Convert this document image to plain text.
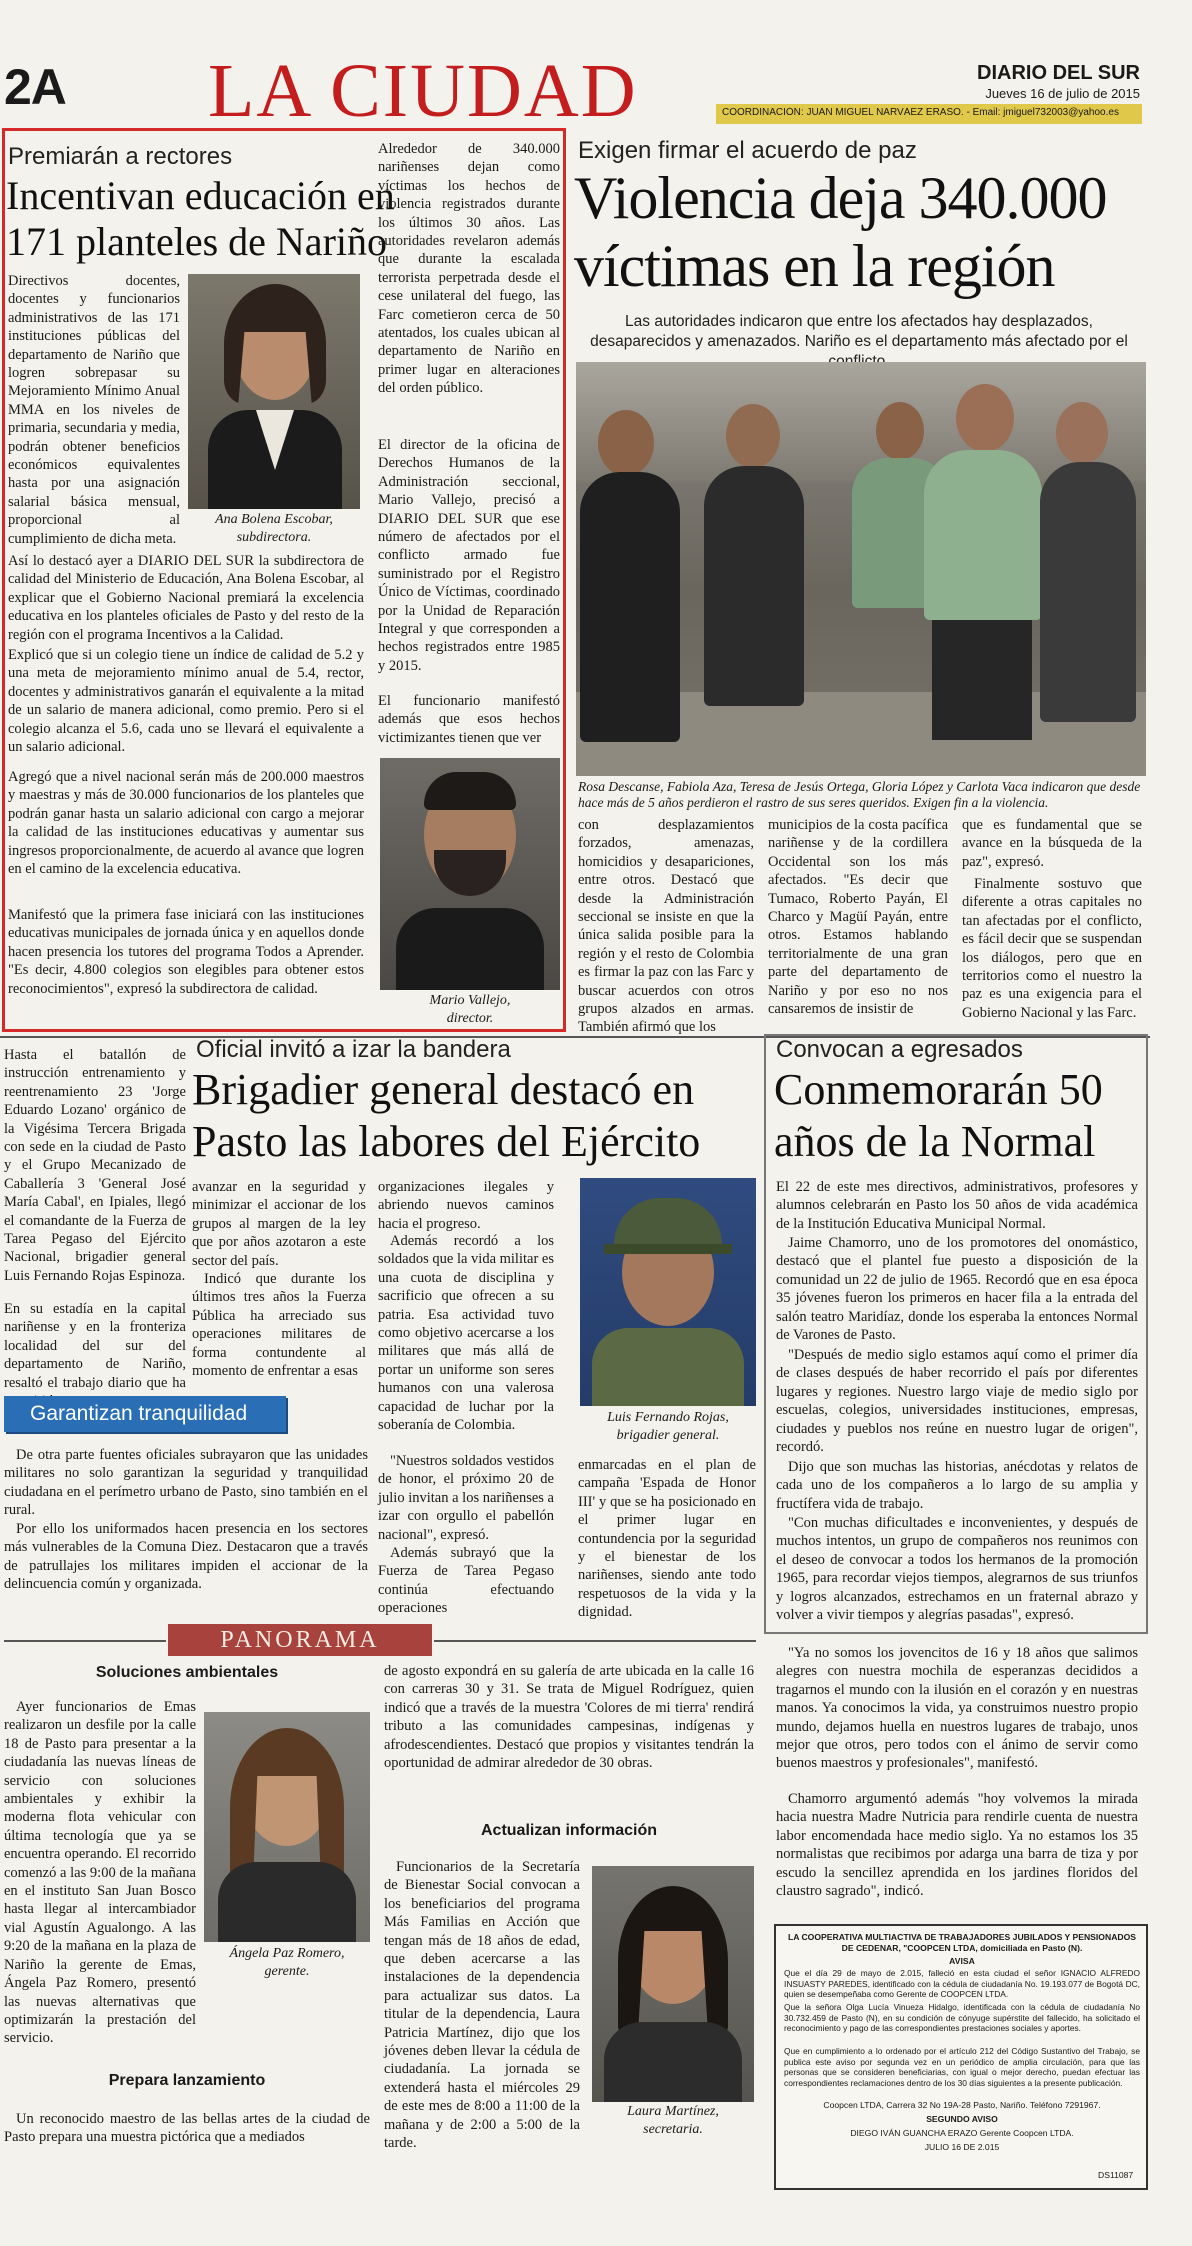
2A LA CIUDAD	DIARIO DEL SUR
Jueves 16 de julio de 2015
COORDINACIÓN: JUAN MIGUEL NARVÁEZ ERASO. - Email: jmiguel732003@yahoo.es
Premiarán a rectores
Incentivan educación en
171 planteles de Nariño

Directivos docentes, docentes y funcionarios administrativos de las 171 instituciones públicas del departamento de Nariño que logren sobrepasar su Mejoramiento Mínimo Anual MMA en los niveles de primaria, secundaria y media, podrán obtener beneficios económicos equivalentes hasta por una asignación salarial básica mensual, proporcional al cumplimiento de dicha meta.

Ana Bolena Escobar,
subdirectora.

Así lo destacó ayer a DIARIO DEL SUR la subdirectora de calidad del Ministerio de Educación, Ana Bolena Escobar, al explicar que el Gobierno Nacional premiará la excelencia educativa en los planteles oficiales de Pasto y del resto de la región con el programa Incentivos a la Calidad.

Explicó que si un colegio tiene un índice de calidad de 5.2 y una meta de mejoramiento mínimo anual de 5.4, rector, docentes y administrativos ganarán el equivalente a la mitad de un salario de manera adicional, como premio. Pero si el colegio alcanza el 5.6, cada uno se llevará el equivalente a un salario adicional.

Agregó que a nivel nacional serán más de 200.000 maestros y maestras y más de 30.000 funcionarios de los planteles que podrán ganar hasta un salario adicional con cargo a mejorar la calidad de las instituciones educativas y aumentar sus ingresos proporcionalmente, de acuerdo al avance que logren en el camino de la excelencia educativa.

Manifestó que la primera fase iniciará con las instituciones educativas municipales de jornada única y en aquellos donde hacen presencia los tutores del programa Todos a Aprender. "Es decir, 4.800 colegios son elegibles para obtener estos reconocimientos", expresó la subdirectora de calidad.

Alrededor de 340.000 nariñenses dejan como víctimas los hechos de violencia registrados durante los últimos 30 años. Las autoridades revelaron además que durante la escalada terrorista perpetrada desde el cese unilateral del fuego, las Farc cometieron cerca de 50 atentados, los cuales ubican al departamento de Nariño en primer lugar en alteraciones del orden público.

El director de la oficina de Derechos Humanos de la Administración seccional, Mario Vallejo, precisó a DIARIO DEL SUR que ese número de afectados por el conflicto armado fue suministrado por el Registro Único de Víctimas, coordinado por la Unidad de Reparación Integral y que corresponden a hechos registrados entre 1985 y 2015.

El funcionario manifestó además que esos hechos victimizantes tienen que ver

Mario Vallejo,
director.
Exigen firmar el acuerdo de paz
Violencia deja 340.000
víctimas en la región
Las autoridades indicaron que entre los afectados hay desplazados, desaparecidos y amenazados. Nariño es el departamento más afectado por el
Rosa Descanse, Fabiola Aza, Teresa de Jesús Ortega, Gloria López y Carlota Vaca indicaron que desde hace más de 5 años perdieron el rastro de sus seres queridos. Exigen fin a la violencia.

con desplazamientos forzados, amenazas, homicidios y desapariciones, entre otros. Destacó que desde la Administración seccional se insiste en que la única salida posible para la región y el resto de Colombia es firmar la paz con las Farc y buscar acuerdos con otros grupos alzados en armas. También afirmó que los

municipios de la costa pacífica nariñense y de la cordillera Occidental son los más afectados. "Es decir que Tumaco, Roberto Payán, El Charco y Magüí Payán, entre otros. Estamos hablando territorialmente de una gran parte del departamento de Nariño y por eso no nos cansaremos de insistir de

que es fundamental que se avance en la búsqueda de la paz", expresó.

Finalmente sostuvo que diferente a otras capitales no tan afectadas por el conflicto, es fácil decir que se suspendan los diálogos, pero que en territorios como el nuestro la paz es una exigencia para el Gobierno Nacional y las Farc.

Hasta el batallón de instrucción entrenamiento y reentrenamiento 23 'Jorge Eduardo Lozano' orgánico de la Vigésima Tercera Brigada con sede en la ciudad de Pasto y el Grupo Mecanizado de Caballería 3 'General José María Cabal', en Ipiales, llegó el comandante de la Fuerza de Tarea Pegaso del Ejército Nacional, brigadier general Luis Fernando Rojas Espinoza.

En su estadía en la capital nariñense y en la fronteriza localidad del sur del departamento de Nariño, resaltó el trabajo diario que ha

Oficial invitó a izar la bandera
Brigadier general destacó en
Pasto las labores del Ejército

avanzar en la seguridad y minimizar el accionar de los grupos al margen de la ley que por años azotaron a este sector del país.

Indicó que durante los últimos tres años la Fuerza Pública ha arreciado sus operaciones militares de forma contundente al momento de enfrentar a esas

organizaciones ilegales y abriendo nuevos caminos hacia el progreso.

Además recordó a los soldados que la vida militar es una cuota de disciplina y sacrificio que ofrecen a su patria. Esa actividad tuvo como objetivo acercarse a los militares que más allá de portar un uniforme son seres humanos con una valerosa capacidad de luchar por la soberanía de Colombia.

"Nuestros soldados vestidos de honor, el próximo 20 de julio invitan a los nariñenses a izar con orgullo el pabellón nacional", expresó.

Además subrayó que la Fuerza de Tarea Pegaso continúa efectuando operaciones

Luis Fernando Rojas,
brigadier general.

enmarcadas en el plan de campaña 'Espada de Honor III' y que se ha posicionado en el primer lugar en contundencia por la seguridad y el bienestar de los nariñenses, siendo ante todo respetuosos de la vida y la dignidad.

Garantizan tranquilidad

De otra parte fuentes oficiales subrayaron que las unidades militares no solo garantizan la seguridad y tranquilidad ciudadana en el perímetro urbano de Pasto, sino también en el rural.

Por ello los uniformados hacen presencia en los sectores más vulnerables de la Comuna Diez. Destacaron que a través de patrullajes los militares impiden el accionar de la delincuencia común y organizada.

Convocan a egresados
Conmemorarán 50
años de la Normal

El 22 de este mes directivos, administrativos, profesores y alumnos celebrarán en Pasto los 50 años de vida académica de la Institución Educativa Municipal Normal.

Jaime Chamorro, uno de los promotores del onomástico, destacó que el plantel fue puesto a disposición de la comunidad un 22 de julio de 1965. Recordó que en esa época 35 jóvenes fueron los primeros en hacer fila a la entrada del salón teatro Maridíaz, donde los esperaba la entonces Normal de Varones de Pasto.

"Después de medio siglo estamos aquí como el primer día de clases después de haber recorrido el país por diferentes lugares y regiones. Nuestro largo viaje de medio siglo por escuelas, colegios, universidades instituciones, empresas, ciudades y pueblos nos reúne en nuestro lugar de origen", recordó.

Dijo que son muchas las historias, anécdotas y relatos de cada uno de los compañeros a lo largo de su amplia y fructífera vida de trabajo.

"Con muchas dificultades e inconvenientes, y después de muchos intentos, un grupo de compañeros nos reunimos con el deseo de convocar a todos los hermanos de la promoción 1965, para recordar viejos tiempos, alegrarnos de sus triunfos y logros alcanzados, estrechamos en un fraternal abrazo y volver a vivir tiempos y alegrías pasadas", expresó.

"Ya no somos los jovencitos de 16 y 18 años que salimos alegres con nuestra mochila de esperanzas decididos a tragarnos el mundo con la ilusión en el corazón y en nuestras manos. Ya conocimos la vida, ya construimos nuestro propio mundo, dejamos huella en nuestros lugares de trabajo, unos mejor que otros, pero todos con el ánimo de servir como buenos maestros y profesionales", manifestó.

Chamorro argumentó además "hoy volvemos la mirada hacia nuestra Madre Nutricia para rendirle cuenta de nuestra labor encomendada hace medio siglo. Ya no estamos los 35 normalistas que recibimos por adarga una barra de tiza y por escudo la sencillez aprendida en los jardines floridos del claustro sagrado", indicó.

PANORAMA
Soluciones ambientales

Ayer funcionarios de Emas realizaron un desfile por la calle 18 de Pasto para presentar a la ciudadanía las nuevas líneas de servicio con soluciones ambientales y exhibir la moderna flota vehicular con última tecnología que ya se encuentra operando. El recorrido comenzó a las 9:00 de la mañana en el instituto San Juan Bosco hasta llegar al intercambiador vial Agustín Agualongo. A las 9:20 de la mañana en la plaza de Nariño la gerente de Emas, Ángela Paz Romero, presentó las nuevas alternativas que optimizarán la prestación del servicio.

Ángela Paz Romero,
gerente.
Prepara lanzamiento

Un reconocido maestro de las bellas artes de la ciudad de Pasto prepara una muestra pictórica que a mediados

de agosto expondrá en su galería de arte ubicada en la calle 16 con carreras 30 y 31. Se trata de Miguel Rodríguez, quien indicó que a través de la muestra 'Colores de mi tierra' rendirá tributo a las comunidades campesinas, indígenas y afrodescendientes. Destacó que propios y visitantes tendrán la oportunidad de admirar alrededor de 30 obras.

Actualizan información

Funcionarios de la Secretaría de Bienestar Social convocan a los beneficiarios del programa Más Familias en Acción que tengan más de 18 años de edad, que deben acercarse a las instalaciones de la dependencia para actualizar sus datos. La titular de la dependencia, Laura Patricia Martínez, dijo que los jóvenes deben llevar la cédula de ciudadanía. La jornada se extenderá hasta el miércoles 29 de este mes de 8:00 a 11:00 de la mañana y de 2:00 a 5:00 de la tarde.

Laura Martínez,
secretaria.
LA COOPERATIVA MULTIACTIVA DE TRABAJADORES JUBILADOS Y PENSIONADOS DE CEDENAR, "COOPCEN LTDA, domiciliada en Pasto (N).
AVISA

Que el día 29 de mayo de 2.015, falleció en esta ciudad el señor IGNACIO ALFREDO INSUASTY PAREDES, identificado con la cédula de ciudadanía No. 19.193.077 de Bogotá DC, quien se desempeñaba como Gerente de COOPCEN LTDA.

Que la señora Olga Lucía Vinueza Hidalgo, identificada con la cédula de ciudadanía No 30.732.459 de Pasto (N), en su condición de cónyuge supérstite del fallecido, ha solicitado el reconocimiento y pago de las correspondientes prestaciones sociales y aportes.

Que en cumplimiento a lo ordenado por el artículo 212 del Código Sustantivo del Trabajo, se publica este aviso por segunda vez en un periódico de amplia circulación, para que las personas que se consideren beneficiarias, con igual o mejor derecho, puedan efectuar las correspondientes reclamaciones dentro de los 30 días siguientes a la presente publicación.

Coopcen LTDA, Carrera 32 No 19A-28 Pasto, Nariño. Teléfono 7291967.
SEGUNDO AVISO
DIEGO IVÁN GUANCHA ERAZO Gerente Coopcen LTDA.
JULIO 16 DE 2.015
DS11087
